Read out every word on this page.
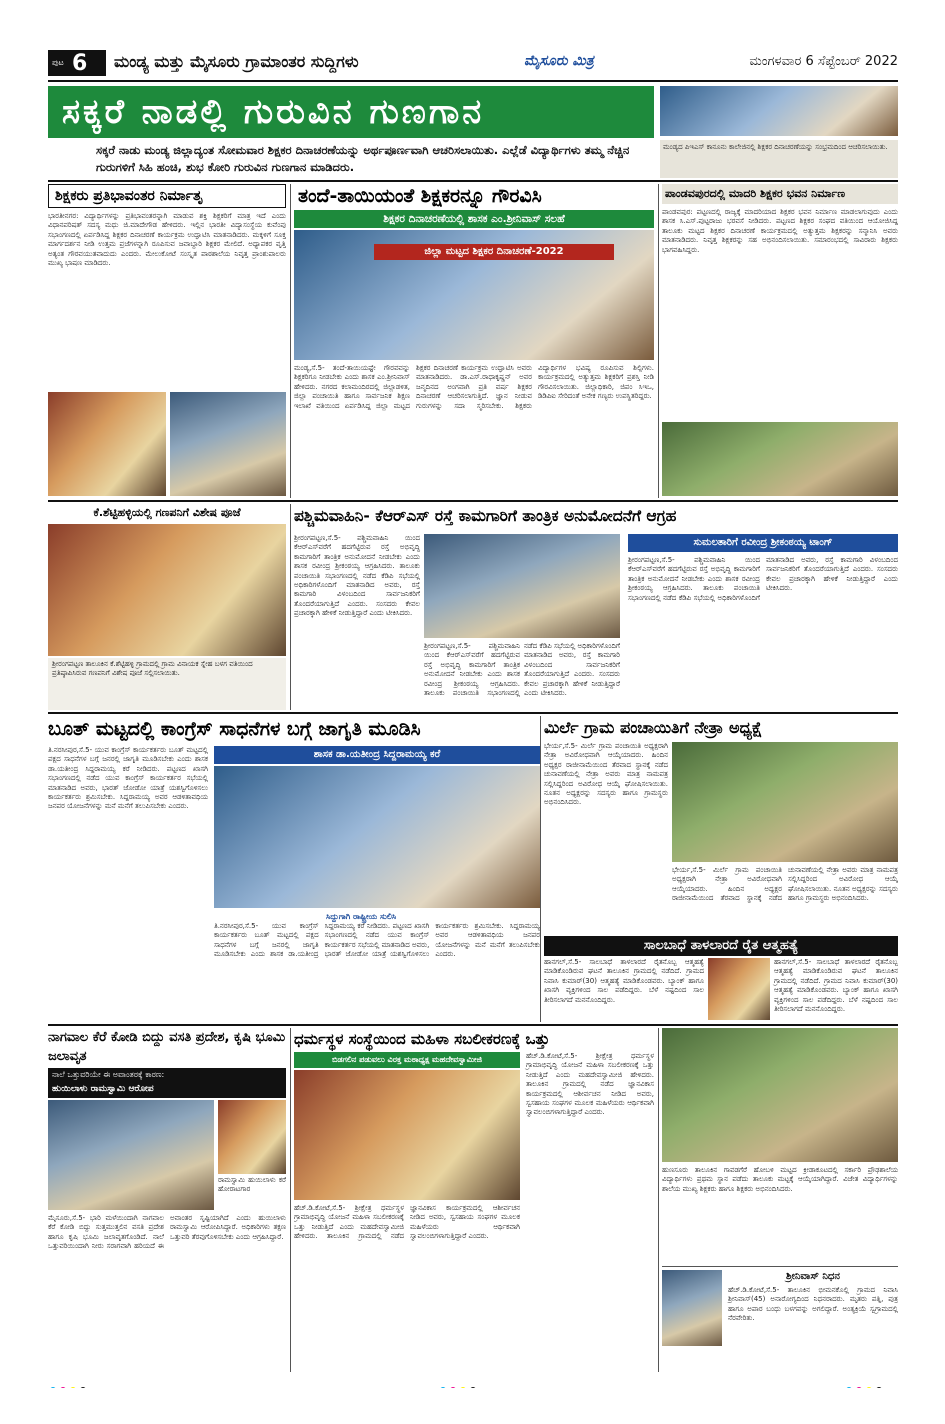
ಪುಟ 6 ಮಂಡ್ಯ ಮತ್ತು ಮೈಸೂರು ಗ್ರಾಮಾಂತರ ಸುದ್ದಿಗಳು	ಮೈಸೂರು ಮಿತ್ರ	ಮಂಗಳವಾರ 6 ಸೆಪ್ಟೆಂಬರ್ 2022
ಸಕ್ಕರೆ ನಾಡಲ್ಲಿ ಗುರುವಿನ ಗುಣಗಾನ
ಸಕ್ಕರೆ ನಾಡು ಮಂಡ್ಯ ಜಿಲ್ಲಾದ್ಯಂತ ಸೋಮವಾರ ಶಿಕ್ಷಕರ ದಿನಾಚರಣೆಯನ್ನು ಅರ್ಥಪೂರ್ಣವಾಗಿ ಆಚರಿಸಲಾಯಿತು. ಎಲ್ಲೆಡೆ ವಿದ್ಯಾರ್ಥಿಗಳು ತಮ್ಮ ನೆಚ್ಚಿನ ಗುರುಗಳಿಗೆ ಸಿಹಿ ಹಂಚಿ, ಶುಭ ಕೋರಿ ಗುರುವಿನ ಗುಣಗಾನ ಮಾಡಿದರು.
ಮಂಡ್ಯದ ಪಿಇಎಸ್ ಕಾನೂನು ಕಾಲೇಜಿನಲ್ಲಿ ಶಿಕ್ಷಕರ ದಿನಾಚರಣೆಯನ್ನು ಸಂಭ್ರಮದಿಂದ ಆಚರಿಸಲಾಯಿತು.
ಶಿಕ್ಷಕರು ಪ್ರತಿಭಾವಂತರ ನಿರ್ಮಾತೃ
ಭಾರತೀನಗರ: ವಿದ್ಯಾರ್ಥಿಗಳನ್ನು ಪ್ರತಿಭಾವಂತರನ್ನಾಗಿ ಮಾಡುವ ಶಕ್ತಿ ಶಿಕ್ಷಕರಿಗೆ ಮಾತ್ರ ಇದೆ ಎಂದು ವಿಧಾನಪರಿಷತ್ ಸದಸ್ಯ ಮಧು ಜಿ.ಮಾದೇಗೌಡ ಹೇಳಿದರು. ಇಲ್ಲಿನ ಭಾರತೀ ವಿದ್ಯಾಸಂಸ್ಥೆಯ ಕುವೆಂಪು ಸಭಾಂಗಣದಲ್ಲಿ ಏರ್ಪಡಿಸಿದ್ದ ಶಿಕ್ಷಕರ ದಿನಾಚರಣೆ ಕಾರ್ಯಕ್ರಮ ಉದ್ಘಾಟಿಸಿ ಮಾತನಾಡಿದರು. ಮಕ್ಕಳಿಗೆ ಸೂಕ್ತ ಮಾರ್ಗದರ್ಶನ ನೀಡಿ ಉತ್ತಮ ಪ್ರಜೆಗಳನ್ನಾಗಿ ರೂಪಿಸುವ ಜವಾಬ್ದಾರಿ ಶಿಕ್ಷಕರ ಮೇಲಿದೆ. ಅಧ್ಯಾಪಕರ ವೃತ್ತಿ ಅತ್ಯಂತ ಗೌರವಯುತವಾದುದು ಎಂದರು. ಮೇಲುಕೋಟೆ ಸಂಸ್ಕೃತ ಪಾಠಶಾಲೆಯ ನಿವೃತ್ತ ಪ್ರಾಂಶುಪಾಲರು ಮುಖ್ಯ ಭಾಷಣ ಮಾಡಿದರು.
ತಂದೆ-ತಾಯಿಯಂತೆ ಶಿಕ್ಷಕರನ್ನೂ ಗೌರವಿಸಿ
ಶಿಕ್ಷಕರ ದಿನಾಚರಣೆಯಲ್ಲಿ ಶಾಸಕ ಎಂ.ಶ್ರೀನಿವಾಸ್ ಸಲಹೆ
ಜಿಲ್ಲಾ ಮಟ್ಟದ ಶಿಕ್ಷಕರ ದಿನಾಚರಣೆ-2022
ಮಂಡ್ಯ,ಸೆ.5- ತಂದೆ-ತಾಯಿಯಷ್ಟೇ ಗೌರವವನ್ನು ಶಿಕ್ಷಕರಿಗೂ ನೀಡಬೇಕು ಎಂದು ಶಾಸಕ ಎಂ.ಶ್ರೀನಿವಾಸ್ ಹೇಳಿದರು. ನಗರದ ಕಲಾಮಂದಿರದಲ್ಲಿ ಜಿಲ್ಲಾಡಳಿತ, ಜಿಲ್ಲಾ ಪಂಚಾಯಿತಿ ಹಾಗೂ ಸಾರ್ವಜನಿಕ ಶಿಕ್ಷಣ ಇಲಾಖೆ ವತಿಯಿಂದ ಏರ್ಪಡಿಸಿದ್ದ ಜಿಲ್ಲಾ ಮಟ್ಟದ ಶಿಕ್ಷಕರ ದಿನಾಚರಣೆ ಕಾರ್ಯಕ್ರಮ ಉದ್ಘಾಟಿಸಿ ಅವರು ಮಾತನಾಡಿದರು. ಡಾ.ಎಸ್.ರಾಧಾಕೃಷ್ಣನ್ ಅವರ ಜನ್ಮದಿನದ ಅಂಗವಾಗಿ ಪ್ರತಿ ವರ್ಷ ಶಿಕ್ಷಕರ ದಿನಾಚರಣೆ ಆಚರಿಸಲಾಗುತ್ತಿದೆ. ಜ್ಞಾನ ನೀಡುವ ಗುರುಗಳನ್ನು ಸದಾ ಸ್ಮರಿಸಬೇಕು. ಶಿಕ್ಷಕರು ವಿದ್ಯಾರ್ಥಿಗಳ ಭವಿಷ್ಯ ರೂಪಿಸುವ ಶಿಲ್ಪಿಗಳು. ಕಾರ್ಯಕ್ರಮದಲ್ಲಿ ಅತ್ಯುತ್ತಮ ಶಿಕ್ಷಕರಿಗೆ ಪ್ರಶಸ್ತಿ ನೀಡಿ ಗೌರವಿಸಲಾಯಿತು. ಜಿಲ್ಲಾಧಿಕಾರಿ, ಜಿಪಂ ಸಿಇಒ, ಡಿಡಿಪಿಐ ಸೇರಿದಂತೆ ಅನೇಕ ಗಣ್ಯರು ಉಪಸ್ಥಿತರಿದ್ದರು.
ಪಾಂಡವಪುರದಲ್ಲಿ ಮಾದರಿ ಶಿಕ್ಷಕರ ಭವನ ನಿರ್ಮಾಣ
ಪಾಂಡವಪುರ: ಪಟ್ಟಣದಲ್ಲಿ ರಾಜ್ಯಕ್ಕೆ ಮಾದರಿಯಾದ ಶಿಕ್ಷಕರ ಭವನ ನಿರ್ಮಾಣ ಮಾಡಲಾಗುವುದು ಎಂದು ಶಾಸಕ ಸಿ.ಎಸ್.ಪುಟ್ಟರಾಜು ಭರವಸೆ ನೀಡಿದರು. ಪಟ್ಟಣದ ಶಿಕ್ಷಕರ ಸಂಘದ ವತಿಯಿಂದ ಆಯೋಜಿಸಿದ್ದ ತಾಲೂಕು ಮಟ್ಟದ ಶಿಕ್ಷಕರ ದಿನಾಚರಣೆ ಕಾರ್ಯಕ್ರಮದಲ್ಲಿ ಅತ್ಯುತ್ತಮ ಶಿಕ್ಷಕರನ್ನು ಸನ್ಮಾನಿಸಿ ಅವರು ಮಾತನಾಡಿದರು. ನಿವೃತ್ತ ಶಿಕ್ಷಕರನ್ನು ಸಹ ಅಭಿನಂದಿಸಲಾಯಿತು. ಸಮಾರಂಭದಲ್ಲಿ ಸಾವಿರಾರು ಶಿಕ್ಷಕರು ಭಾಗವಹಿಸಿದ್ದರು.
ಕೆ.ಶೆಟ್ಟಿಹಳ್ಳಿಯಲ್ಲಿ ಗಣಪನಿಗೆ ವಿಶೇಷ ಪೂಜೆ
ಶ್ರೀರಂಗಪಟ್ಟಣ ತಾಲೂಕಿನ ಕೆ.ಶೆಟ್ಟಿಹಳ್ಳಿ ಗ್ರಾಮದಲ್ಲಿ ಗ್ರಾಮ ವಿನಾಯಕ ಸ್ನೇಹ ಬಳಗ ವತಿಯಿಂದ ಪ್ರತಿಷ್ಠಾಪಿಸಿರುವ ಗಣಪನಿಗೆ ವಿಶೇಷ ಪೂಜೆ ಸಲ್ಲಿಸಲಾಯಿತು.
ಪಶ್ಚಿಮವಾಹಿನಿ- ಕೆಆರ್‌ಎಸ್ ರಸ್ತೆ ಕಾಮಗಾರಿಗೆ ತಾಂತ್ರಿಕ ಅನುಮೋದನೆಗೆ ಆಗ್ರಹ
ಶ್ರೀರಂಗಪಟ್ಟಣ,ಸೆ.5- ಪಶ್ಚಿಮವಾಹಿನಿ ಯಿಂದ ಕೆಆರ್‌ಎಸ್‌ವರೆಗೆ ಹದಗೆಟ್ಟಿರುವ ರಸ್ತೆ ಅಭಿವೃದ್ಧಿ ಕಾಮಗಾರಿಗೆ ತಾಂತ್ರಿಕ ಅನುಮೋದನೆ ನೀಡಬೇಕು ಎಂದು ಶಾಸಕ ರವೀಂದ್ರ ಶ್ರೀಕಂಠಯ್ಯ ಆಗ್ರಹಿಸಿದರು. ತಾಲೂಕು ಪಂಚಾಯಿತಿ ಸಭಾಂಗಣದಲ್ಲಿ ನಡೆದ ಕೆಡಿಪಿ ಸಭೆಯಲ್ಲಿ ಅಧಿಕಾರಿಗಳೊಂದಿಗೆ ಮಾತನಾಡಿದ ಅವರು, ರಸ್ತೆ ಕಾಮಗಾರಿ ವಿಳಂಬದಿಂದ ಸಾರ್ವಜನಿಕರಿಗೆ ತೊಂದರೆಯಾಗುತ್ತಿದೆ ಎಂದರು. ಸಂಸದರು ಕೇವಲ ಪ್ರಚಾರಕ್ಕಾಗಿ ಹೇಳಿಕೆ ನೀಡುತ್ತಿದ್ದಾರೆ ಎಂದು ಟೀಕಿಸಿದರು.
ಶ್ರೀರಂಗಪಟ್ಟಣ,ಸೆ.5- ಪಶ್ಚಿಮವಾಹಿನಿ ಯಿಂದ ಕೆಆರ್‌ಎಸ್‌ವರೆಗೆ ಹದಗೆಟ್ಟಿರುವ ರಸ್ತೆ ಅಭಿವೃದ್ಧಿ ಕಾಮಗಾರಿಗೆ ತಾಂತ್ರಿಕ ಅನುಮೋದನೆ ನೀಡಬೇಕು ಎಂದು ಶಾಸಕ ರವೀಂದ್ರ ಶ್ರೀಕಂಠಯ್ಯ ಆಗ್ರಹಿಸಿದರು. ತಾಲೂಕು ಪಂಚಾಯಿತಿ ಸಭಾಂಗಣದಲ್ಲಿ ನಡೆದ ಕೆಡಿಪಿ ಸಭೆಯಲ್ಲಿ ಅಧಿಕಾರಿಗಳೊಂದಿಗೆ ಮಾತನಾಡಿದ ಅವರು, ರಸ್ತೆ ಕಾಮಗಾರಿ ವಿಳಂಬದಿಂದ ಸಾರ್ವಜನಿಕರಿಗೆ ತೊಂದರೆಯಾಗುತ್ತಿದೆ ಎಂದರು. ಸಂಸದರು ಕೇವಲ ಪ್ರಚಾರಕ್ಕಾಗಿ ಹೇಳಿಕೆ ನೀಡುತ್ತಿದ್ದಾರೆ ಎಂದು ಟೀಕಿಸಿದರು.
ಸುಮಲತಾರಿಗೆ ರವೀಂದ್ರ ಶ್ರೀಕಂಠಯ್ಯ ಟಾಂಗ್
ಶ್ರೀರಂಗಪಟ್ಟಣ,ಸೆ.5- ಪಶ್ಚಿಮವಾಹಿನಿ ಯಿಂದ ಕೆಆರ್‌ಎಸ್‌ವರೆಗೆ ಹದಗೆಟ್ಟಿರುವ ರಸ್ತೆ ಅಭಿವೃದ್ಧಿ ಕಾಮಗಾರಿಗೆ ತಾಂತ್ರಿಕ ಅನುಮೋದನೆ ನೀಡಬೇಕು ಎಂದು ಶಾಸಕ ರವೀಂದ್ರ ಶ್ರೀಕಂಠಯ್ಯ ಆಗ್ರಹಿಸಿದರು. ತಾಲೂಕು ಪಂಚಾಯಿತಿ ಸಭಾಂಗಣದಲ್ಲಿ ನಡೆದ ಕೆಡಿಪಿ ಸಭೆಯಲ್ಲಿ ಅಧಿಕಾರಿಗಳೊಂದಿಗೆ ಮಾತನಾಡಿದ ಅವರು, ರಸ್ತೆ ಕಾಮಗಾರಿ ವಿಳಂಬದಿಂದ ಸಾರ್ವಜನಿಕರಿಗೆ ತೊಂದರೆಯಾಗುತ್ತಿದೆ ಎಂದರು. ಸಂಸದರು ಕೇವಲ ಪ್ರಚಾರಕ್ಕಾಗಿ ಹೇಳಿಕೆ ನೀಡುತ್ತಿದ್ದಾರೆ ಎಂದು ಟೀಕಿಸಿದರು.
ಬೂತ್ ಮಟ್ಟದಲ್ಲಿ ಕಾಂಗ್ರೆಸ್ ಸಾಧನೆಗಳ ಬಗ್ಗೆ ಜಾಗೃತಿ ಮೂಡಿಸಿ
ತಿ.ನರಸೀಪುರ,ಸೆ.5- ಯುವ ಕಾಂಗ್ರೆಸ್ ಕಾರ್ಯಕರ್ತರು ಬೂತ್ ಮಟ್ಟದಲ್ಲಿ ಪಕ್ಷದ ಸಾಧನೆಗಳ ಬಗ್ಗೆ ಜನರಲ್ಲಿ ಜಾಗೃತಿ ಮೂಡಿಸಬೇಕು ಎಂದು ಶಾಸಕ ಡಾ.ಯತೀಂದ್ರ ಸಿದ್ದರಾಮಯ್ಯ ಕರೆ ನೀಡಿದರು. ಪಟ್ಟಣದ ಖಾಸಗಿ ಸಭಾಂಗಣದಲ್ಲಿ ನಡೆದ ಯುವ ಕಾಂಗ್ರೆಸ್ ಕಾರ್ಯಕರ್ತರ ಸಭೆಯಲ್ಲಿ ಮಾತನಾಡಿದ ಅವರು, ಭಾರತ್ ಜೋಡೋ ಯಾತ್ರೆ ಯಶಸ್ವಿಗೊಳಿಸಲು ಕಾರ್ಯಕರ್ತರು ಶ್ರಮಿಸಬೇಕು. ಸಿದ್ದರಾಮಯ್ಯ ಅವರ ಆಡಳಿತಾವಧಿಯ ಜನಪರ ಯೋಜನೆಗಳನ್ನು ಮನೆ ಮನೆಗೆ ತಲುಪಿಸಬೇಕು ಎಂದರು.
ಶಾಸಕ ಡಾ.ಯತೀಂದ್ರ ಸಿದ್ದರಾಮಯ್ಯ ಕರೆ
ಸಿದ್ದುಗಾಗಿ ರಾಷ್ಟ್ರೀಯ ಸುಲಿಸಿ
ತಿ.ನರಸೀಪುರ,ಸೆ.5- ಯುವ ಕಾಂಗ್ರೆಸ್ ಕಾರ್ಯಕರ್ತರು ಬೂತ್ ಮಟ್ಟದಲ್ಲಿ ಪಕ್ಷದ ಸಾಧನೆಗಳ ಬಗ್ಗೆ ಜನರಲ್ಲಿ ಜಾಗೃತಿ ಮೂಡಿಸಬೇಕು ಎಂದು ಶಾಸಕ ಡಾ.ಯತೀಂದ್ರ ಸಿದ್ದರಾಮಯ್ಯ ಕರೆ ನೀಡಿದರು. ಪಟ್ಟಣದ ಖಾಸಗಿ ಸಭಾಂಗಣದಲ್ಲಿ ನಡೆದ ಯುವ ಕಾಂಗ್ರೆಸ್ ಕಾರ್ಯಕರ್ತರ ಸಭೆಯಲ್ಲಿ ಮಾತನಾಡಿದ ಅವರು, ಭಾರತ್ ಜೋಡೋ ಯಾತ್ರೆ ಯಶಸ್ವಿಗೊಳಿಸಲು ಕಾರ್ಯಕರ್ತರು ಶ್ರಮಿಸಬೇಕು. ಸಿದ್ದರಾಮಯ್ಯ ಅವರ ಆಡಳಿತಾವಧಿಯ ಜನಪರ ಯೋಜನೆಗಳನ್ನು ಮನೆ ಮನೆಗೆ ತಲುಪಿಸಬೇಕು ಎಂದರು.
ಮಿರ್ಲೆ ಗ್ರಾಮ ಪಂಚಾಯಿತಿಗೆ ನೇತ್ರಾ ಅಧ್ಯಕ್ಷೆ
ಭೇರ್ಯ,ಸೆ.5- ಮಿರ್ಲೆ ಗ್ರಾಮ ಪಂಚಾಯಿತಿ ಅಧ್ಯಕ್ಷರಾಗಿ ನೇತ್ರಾ ಅವಿರೋಧವಾಗಿ ಆಯ್ಕೆಯಾದರು. ಹಿಂದಿನ ಅಧ್ಯಕ್ಷರ ರಾಜೀನಾಮೆಯಿಂದ ತೆರವಾದ ಸ್ಥಾನಕ್ಕೆ ನಡೆದ ಚುನಾವಣೆಯಲ್ಲಿ ನೇತ್ರಾ ಅವರು ಮಾತ್ರ ನಾಮಪತ್ರ ಸಲ್ಲಿಸಿದ್ದರಿಂದ ಅವಿರೋಧ ಆಯ್ಕೆ ಘೋಷಿಸಲಾಯಿತು. ನೂತನ ಅಧ್ಯಕ್ಷರನ್ನು ಸದಸ್ಯರು ಹಾಗೂ ಗ್ರಾಮಸ್ಥರು ಅಭಿನಂದಿಸಿದರು.
ಭೇರ್ಯ,ಸೆ.5- ಮಿರ್ಲೆ ಗ್ರಾಮ ಪಂಚಾಯಿತಿ ಅಧ್ಯಕ್ಷರಾಗಿ ನೇತ್ರಾ ಅವಿರೋಧವಾಗಿ ಆಯ್ಕೆಯಾದರು. ಹಿಂದಿನ ಅಧ್ಯಕ್ಷರ ರಾಜೀನಾಮೆಯಿಂದ ತೆರವಾದ ಸ್ಥಾನಕ್ಕೆ ನಡೆದ ಚುನಾವಣೆಯಲ್ಲಿ ನೇತ್ರಾ ಅವರು ಮಾತ್ರ ನಾಮಪತ್ರ ಸಲ್ಲಿಸಿದ್ದರಿಂದ ಅವಿರೋಧ ಆಯ್ಕೆ ಘೋಷಿಸಲಾಯಿತು. ನೂತನ ಅಧ್ಯಕ್ಷರನ್ನು ಸದಸ್ಯರು ಹಾಗೂ ಗ್ರಾಮಸ್ಥರು ಅಭಿನಂದಿಸಿದರು.
ಸಾಲಬಾಧೆ ತಾಳಲಾರದೆ ರೈತ ಆತ್ಮಹತ್ಯೆ
ಹಾನಗಲ್,ಸೆ.5- ಸಾಲಬಾಧೆ ತಾಳಲಾರದೆ ರೈತನೊಬ್ಬ ಆತ್ಮಹತ್ಯೆ ಮಾಡಿಕೊಂಡಿರುವ ಘಟನೆ ತಾಲೂಕಿನ ಗ್ರಾಮದಲ್ಲಿ ನಡೆದಿದೆ. ಗ್ರಾಮದ ನಿವಾಸಿ ಕುಮಾರ್(30) ಆತ್ಮಹತ್ಯೆ ಮಾಡಿಕೊಂಡವರು. ಬ್ಯಾಂಕ್ ಹಾಗೂ ಖಾಸಗಿ ವ್ಯಕ್ತಿಗಳಿಂದ ಸಾಲ ಪಡೆದಿದ್ದರು. ಬೆಳೆ ನಷ್ಟದಿಂದ ಸಾಲ ತೀರಿಸಲಾಗದೆ ಮನನೊಂದಿದ್ದರು.
ಹಾನಗಲ್,ಸೆ.5- ಸಾಲಬಾಧೆ ತಾಳಲಾರದೆ ರೈತನೊಬ್ಬ ಆತ್ಮಹತ್ಯೆ ಮಾಡಿಕೊಂಡಿರುವ ಘಟನೆ ತಾಲೂಕಿನ ಗ್ರಾಮದಲ್ಲಿ ನಡೆದಿದೆ. ಗ್ರಾಮದ ನಿವಾಸಿ ಕುಮಾರ್(30) ಆತ್ಮಹತ್ಯೆ ಮಾಡಿಕೊಂಡವರು. ಬ್ಯಾಂಕ್ ಹಾಗೂ ಖಾಸಗಿ ವ್ಯಕ್ತಿಗಳಿಂದ ಸಾಲ ಪಡೆದಿದ್ದರು. ಬೆಳೆ ನಷ್ಟದಿಂದ ಸಾಲ ತೀರಿಸಲಾಗದೆ ಮನನೊಂದಿದ್ದರು.
ನಾಗವಾಲ ಕೆರೆ ಕೋಡಿ ಬಿದ್ದು ವಸತಿ ಪ್ರದೇಶ, ಕೃಷಿ ಭೂಮಿ ಜಲಾವೃತ
ನಾಲೆ ಒತ್ತುವರಿಯೇ ಈ ಅವಾಂತರಕ್ಕೆ ಕಾರಣ:
ಹುಯಿಲಾಳು ರಾಮಸ್ವಾಮಿ ಆರೋಪ
ರಾಮಸ್ವಾಮಿ ಹುಯಿಲಾಳು ಕರೆ ಹೋರಾಟಗಾರ
ಮೈಸೂರು,ಸೆ.5- ಭಾರಿ ಮಳೆಯಿಂದಾಗಿ ನಾಗವಾಲ ಕೆರೆ ಕೋಡಿ ಬಿದ್ದು ಸುತ್ತಮುತ್ತಲಿನ ವಸತಿ ಪ್ರದೇಶ ಹಾಗೂ ಕೃಷಿ ಭೂಮಿ ಜಲಾವೃತಗೊಂಡಿದೆ. ನಾಲೆ ಒತ್ತುವರಿಯಿಂದಾಗಿ ನೀರು ಸರಾಗವಾಗಿ ಹರಿಯದೆ ಈ ಅವಾಂತರ ಸೃಷ್ಟಿಯಾಗಿದೆ ಎಂದು ಹುಯಿಲಾಳು ರಾಮಸ್ವಾಮಿ ಆರೋಪಿಸಿದ್ದಾರೆ. ಅಧಿಕಾರಿಗಳು ತಕ್ಷಣ ಒತ್ತುವರಿ ತೆರವುಗೊಳಿಸಬೇಕು ಎಂದು ಆಗ್ರಹಿಸಿದ್ದಾರೆ.
ಧರ್ಮಸ್ಥಳ ಸಂಸ್ಥೆಯಿಂದ ಮಹಿಳಾ ಸಬಲೀಕರಣಕ್ಕೆ ಒತ್ತು
ಬಿಡಗಲಿನ ಪಡುವಲು ವಿರಕ್ತ ಮಠಾಧ್ಯಕ್ಷ ಮಹದೇವಸ್ವಾಮೀಜಿ
ಹೆಚ್.ಡಿ.ಕೋಟೆ,ಸೆ.5- ಶ್ರೀಕ್ಷೇತ್ರ ಧರ್ಮಸ್ಥಳ ಗ್ರಾಮಾಭಿವೃದ್ಧಿ ಯೋಜನೆ ಮಹಿಳಾ ಸಬಲೀಕರಣಕ್ಕೆ ಒತ್ತು ನೀಡುತ್ತಿದೆ ಎಂದು ಮಹದೇವಸ್ವಾಮೀಜಿ ಹೇಳಿದರು. ತಾಲೂಕಿನ ಗ್ರಾಮದಲ್ಲಿ ನಡೆದ ಜ್ಞಾನವಿಕಾಸ ಕಾರ್ಯಕ್ರಮದಲ್ಲಿ ಆಶೀರ್ವಚನ ನೀಡಿದ ಅವರು, ಸ್ವಸಹಾಯ ಸಂಘಗಳ ಮೂಲಕ ಮಹಿಳೆಯರು ಆರ್ಥಿಕವಾಗಿ ಸ್ವಾವಲಂಬಿಗಳಾಗುತ್ತಿದ್ದಾರೆ ಎಂದರು.
ಹೆಚ್.ಡಿ.ಕೋಟೆ,ಸೆ.5- ಶ್ರೀಕ್ಷೇತ್ರ ಧರ್ಮಸ್ಥಳ ಗ್ರಾಮಾಭಿವೃದ್ಧಿ ಯೋಜನೆ ಮಹಿಳಾ ಸಬಲೀಕರಣಕ್ಕೆ ಒತ್ತು ನೀಡುತ್ತಿದೆ ಎಂದು ಮಹದೇವಸ್ವಾಮೀಜಿ ಹೇಳಿದರು. ತಾಲೂಕಿನ ಗ್ರಾಮದಲ್ಲಿ ನಡೆದ ಜ್ಞಾನವಿಕಾಸ ಕಾರ್ಯಕ್ರಮದಲ್ಲಿ ಆಶೀರ್ವಚನ ನೀಡಿದ ಅವರು, ಸ್ವಸಹಾಯ ಸಂಘಗಳ ಮೂಲಕ ಮಹಿಳೆಯರು ಆರ್ಥಿಕವಾಗಿ ಸ್ವಾವಲಂಬಿಗಳಾಗುತ್ತಿದ್ದಾರೆ ಎಂದರು.
ಹುಣಸೂರು ತಾಲೂಕಿನ ಗಾವಡಗೆರೆ ಹೋಬಳಿ ಮಟ್ಟದ ಕ್ರೀಡಾಕೂಟದಲ್ಲಿ ಸರ್ಕಾರಿ ಪ್ರೌಢಶಾಲೆಯ ವಿದ್ಯಾರ್ಥಿಗಳು ಪ್ರಥಮ ಸ್ಥಾನ ಪಡೆದು ತಾಲೂಕು ಮಟ್ಟಕ್ಕೆ ಆಯ್ಕೆಯಾಗಿದ್ದಾರೆ. ವಿಜೇತ ವಿದ್ಯಾರ್ಥಿಗಳನ್ನು ಶಾಲೆಯ ಮುಖ್ಯ ಶಿಕ್ಷಕರು ಹಾಗೂ ಶಿಕ್ಷಕರು ಅಭಿನಂದಿಸಿದರು.
ಶ್ರೀನಿವಾಸ್ ನಿಧನ
ಹೆಚ್.ಡಿ.ಕೋಟೆ,ಸೆ.5- ತಾಲೂಕಿನ ಭೀಮನಕೊಲ್ಲಿ ಗ್ರಾಮದ ನಿವಾಸಿ ಶ್ರೀನಿವಾಸ್(45) ಅನಾರೋಗ್ಯದಿಂದ ನಿಧನರಾದರು. ಮೃತರು ಪತ್ನಿ, ಪುತ್ರ ಹಾಗೂ ಅಪಾರ ಬಂಧು ಬಳಗವನ್ನು ಅಗಲಿದ್ದಾರೆ. ಅಂತ್ಯಕ್ರಿಯೆ ಸ್ವಗ್ರಾಮದಲ್ಲಿ ನೆರವೇರಿತು.
